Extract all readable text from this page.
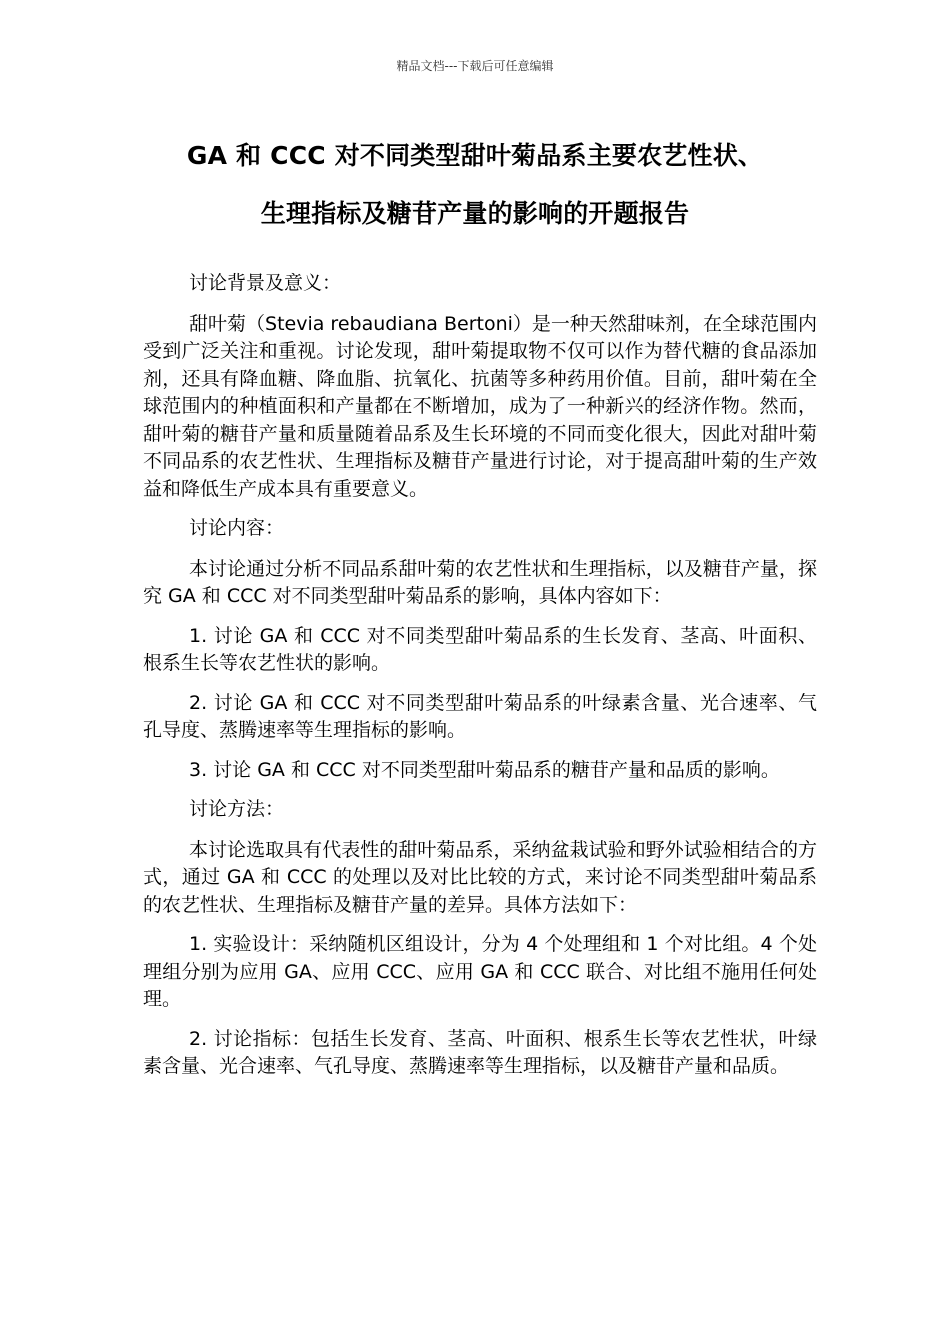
精品文档---下载后可任意编辑
GA 和 CCC 对不同类型甜叶菊品系主要农艺性状、
生理指标及糖苷产量的影响的开题报告

讨论背景及意义：

甜叶菊（Stevia rebaudiana Bertoni）是一种天然甜味剂，在全球范围内受到广泛关注和重视。讨论发现，甜叶菊提取物不仅可以作为替代糖的食品添加剂，还具有降血糖、降血脂、抗氧化、抗菌等多种药用价值。目前，甜叶菊在全球范围内的种植面积和产量都在不断增加，成为了一种新兴的经济作物。然而，甜叶菊的糖苷产量和质量随着品系及生长环境的不同而变化很大，因此对甜叶菊不同品系的农艺性状、生理指标及糖苷产量进行讨论，对于提高甜叶菊的生产效益和降低生产成本具有重要意义。

讨论内容：

本讨论通过分析不同品系甜叶菊的农艺性状和生理指标，以及糖苷产量，探究 GA 和 CCC 对不同类型甜叶菊品系的影响，具体内容如下：

1. 讨论 GA 和 CCC 对不同类型甜叶菊品系的生长发育、茎高、叶面积、根系生长等农艺性状的影响。

2. 讨论 GA 和 CCC 对不同类型甜叶菊品系的叶绿素含量、光合速率、气孔导度、蒸腾速率等生理指标的影响。

3. 讨论 GA 和 CCC 对不同类型甜叶菊品系的糖苷产量和品质的影响。

讨论方法：

本讨论选取具有代表性的甜叶菊品系，采纳盆栽试验和野外试验相结合的方式，通过 GA 和 CCC 的处理以及对比比较的方式，来讨论不同类型甜叶菊品系的农艺性状、生理指标及糖苷产量的差异。具体方法如下：

1. 实验设计：采纳随机区组设计，分为 4 个处理组和 1 个对比组。4 个处理组分别为应用 GA、应用 CCC、应用 GA 和 CCC 联合、对比组不施用任何处理。

2. 讨论指标：包括生长发育、茎高、叶面积、根系生长等农艺性状，叶绿素含量、光合速率、气孔导度、蒸腾速率等生理指标，以及糖苷产量和品质。
